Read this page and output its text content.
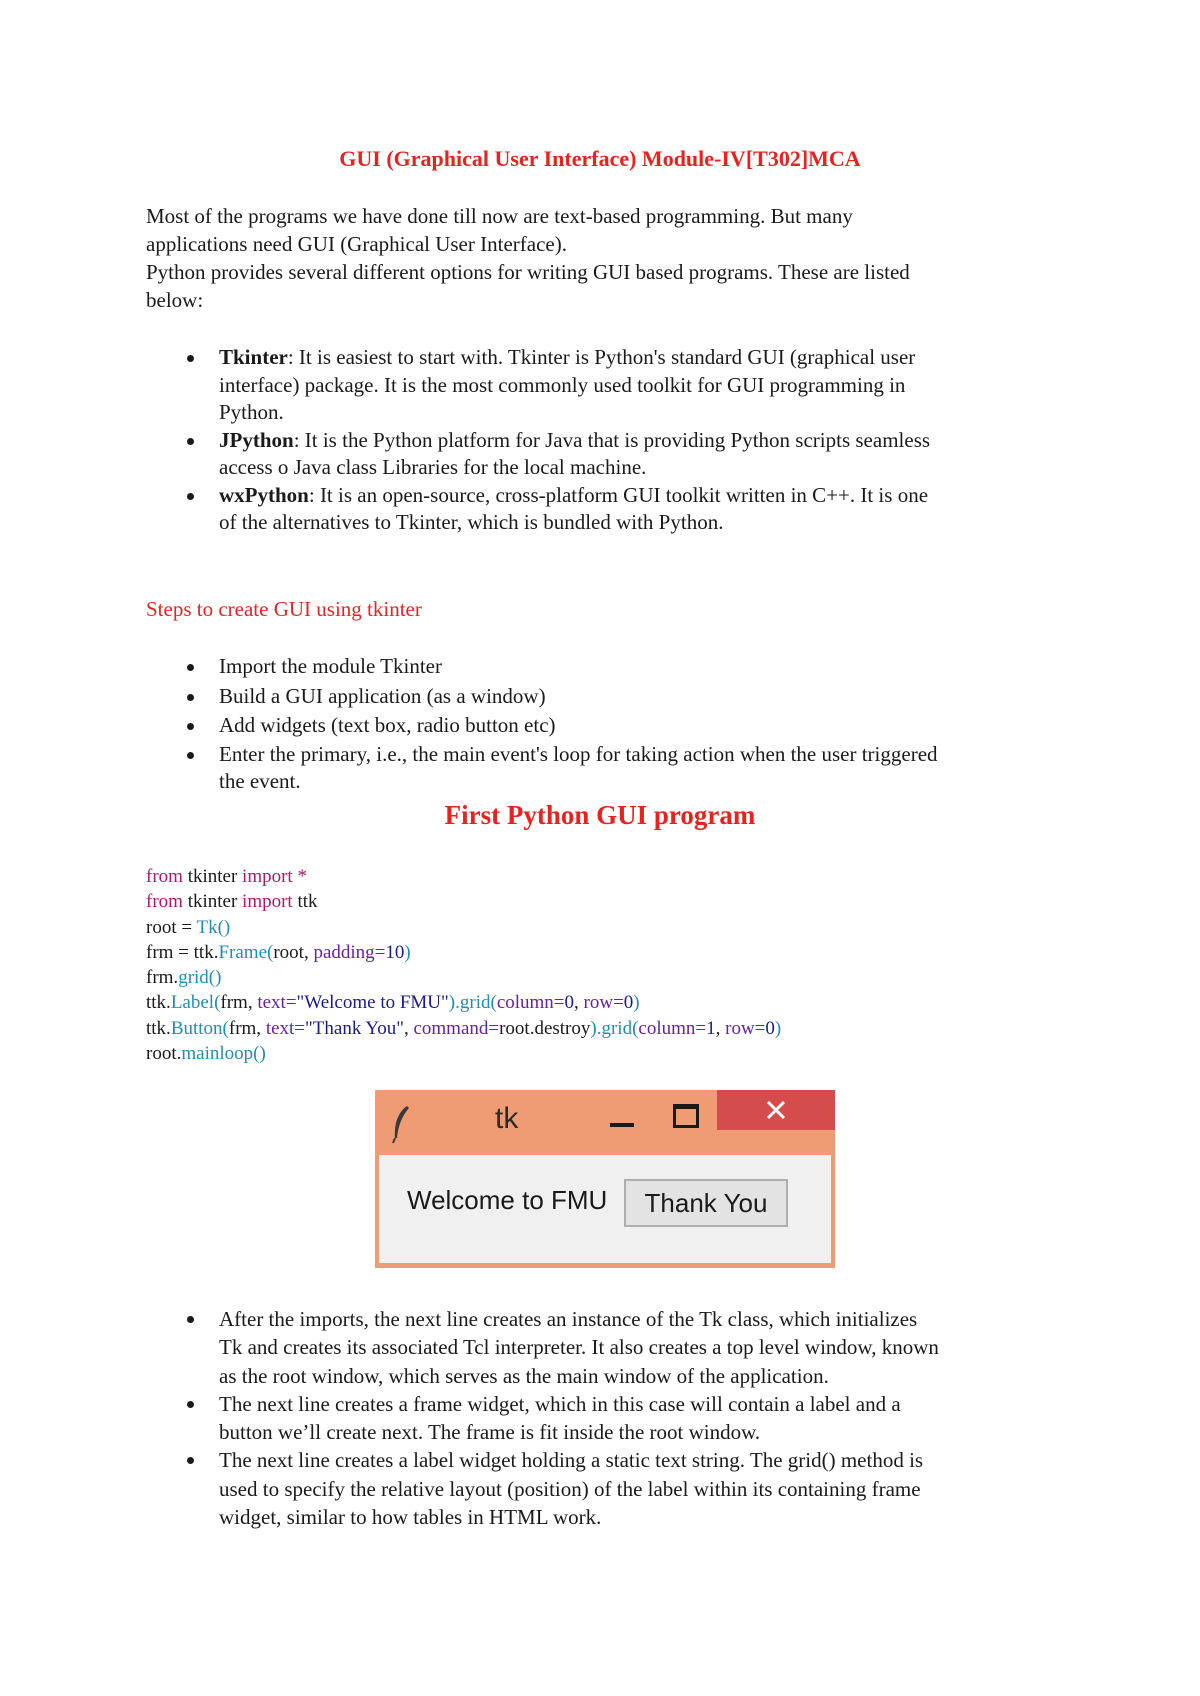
GUI (Graphical User Interface) Module-IV[T302]MCA
Most of the programs we have done till now are text-based programming. But many
applications need GUI (Graphical User Interface).
Python provides several different options for writing GUI based programs. These are listed
below:
Tkinter: It is easiest to start with. Tkinter is Python's standard GUI (graphical user
interface) package. It is the most commonly used toolkit for GUI programming in
Python.
JPython: It is the Python platform for Java that is providing Python scripts seamless
access o Java class Libraries for the local machine.
wxPython: It is an open-source, cross-platform GUI toolkit written in C++. It is one
of the alternatives to Tkinter, which is bundled with Python.
Steps to create GUI using tkinter
Import the module Tkinter
Build a GUI application (as a window)
Add widgets (text box, radio button etc)
Enter the primary, i.e., the main event's loop for taking action when the user triggered
the event.
First Python GUI program
from tkinter import *
from tkinter import ttk
root = Tk()
frm = ttk.Frame(root, padding=10)
frm.grid()
ttk.Label(frm, text="Welcome to FMU").grid(column=0, row=0)
ttk.Button(frm, text="Thank You", command=root.destroy).grid(column=1, row=0)
root.mainloop()
tk
Welcome to FMU	Thank You
After the imports, the next line creates an instance of the Tk class, which initializes
Tk and creates its associated Tcl interpreter. It also creates a top level window, known
as the root window, which serves as the main window of the application.
The next line creates a frame widget, which in this case will contain a label and a
button we’ll create next. The frame is fit inside the root window.
The next line creates a label widget holding a static text string. The grid() method is
used to specify the relative layout (position) of the label within its containing frame
widget, similar to how tables in HTML work.
